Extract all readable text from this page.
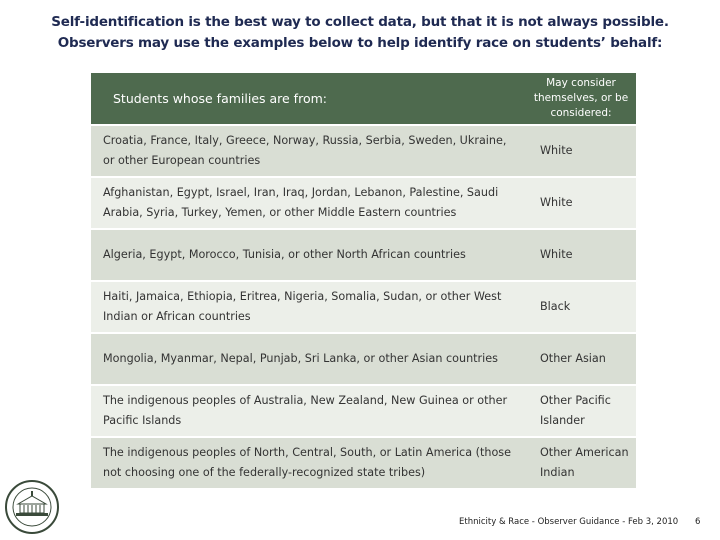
Self-identification is the best way to collect data, but that it is not always possible.
Observers may use the examples below to help identify race on students’ behalf:
Students whose families are from:	May consider themselves, or be considered:
Croatia, France, Italy, Greece, Norway, Russia, Serbia, Sweden, Ukraine, or other European countries	White
Afghanistan, Egypt, Israel, Iran, Iraq, Jordan, Lebanon, Palestine, Saudi Arabia, Syria, Turkey, Yemen, or other Middle Eastern countries	White
Algeria, Egypt, Morocco, Tunisia, or other North African countries	White
Haiti, Jamaica, Ethiopia, Eritrea, Nigeria, Somalia, Sudan, or other West Indian or African countries	Black
Mongolia, Myanmar, Nepal, Punjab, Sri Lanka, or other Asian countries	Other Asian
The indigenous peoples of Australia, New Zealand, New Guinea or other Pacific Islands	Other Pacific Islander
The indigenous peoples of North, Central, South, or Latin America (those not choosing one of the federally-recognized state tribes)	Other American Indian
Ethnicity & Race - Observer Guidance - Feb 3, 2010 6
